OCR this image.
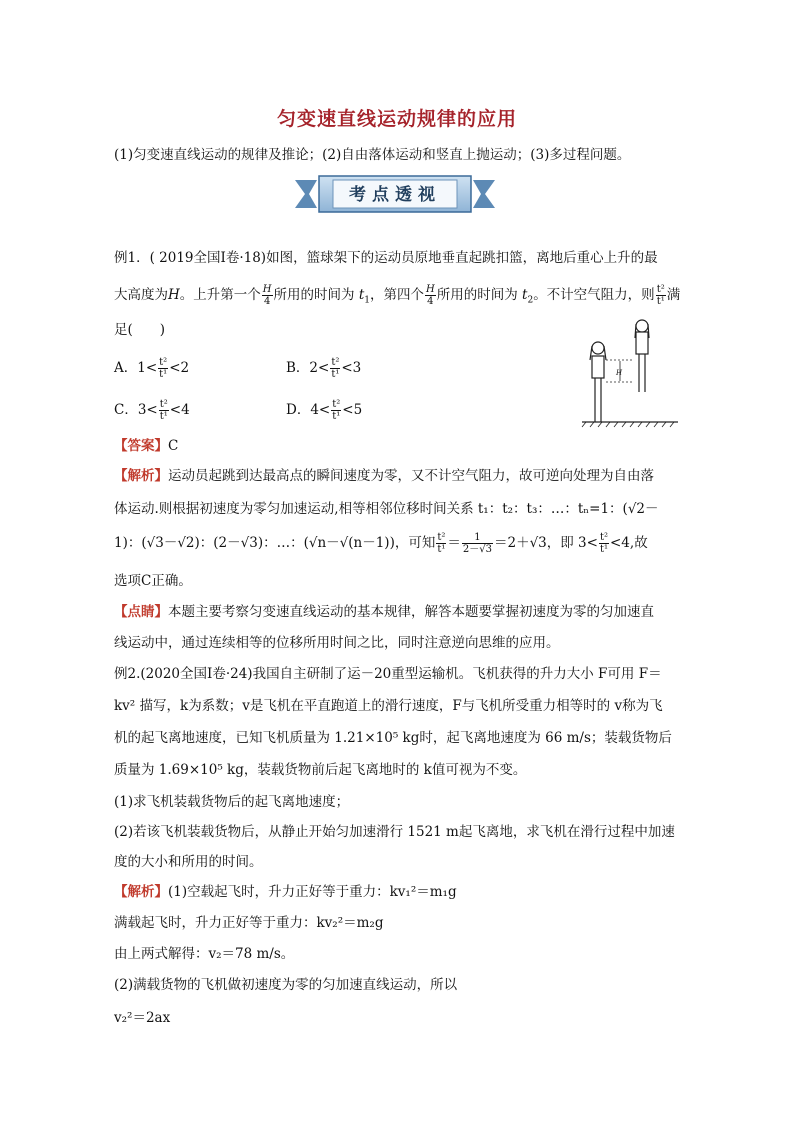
匀变速直线运动规律的应用
(1)匀变速直线运动的规律及推论；(2)自由落体运动和竖直上抛运动；(3)多过程问题。
考点透视
例1．( 2019全国Ⅰ卷·18)如图，篮球架下的运动员原地垂直起跳扣篮，离地后重心上升的最
大高度为H。上升第一个 $\frac{H}{4}$ 所用的时间为 $t_1$，第四个 $\frac{H}{4}$ 所用的时间为 $t_2$。不计空气阻力，则 $\frac{\text{t²}}{\text{t¹}}$ 满
足(　　)
A．$1< \frac{\text{t²}}{\text{t¹}} <2$	B．$2< \frac{\text{t²}}{\text{t¹}} <3$
C．$3< \frac{\text{t²}}{\text{t¹}} <4$	D．$4< \frac{\text{t²}}{\text{t¹}} <5$
H
【答案】C
【解析】运动员起跳到达最高点的瞬间速度为零，又不计空气阻力，故可逆向处理为自由落
体运动.则根据初速度为零匀加速运动,相等相邻位移时间关系 t₁：t₂：t₃：…：tₙ=1：(√2－
1)：(√3－√2)：(2－√3)：…：(√n－√(n－1))，可知 $\frac{\text{t²}}{\text{t¹}} = \frac{1}{2-√3} =2+√3$，即 $3< \frac{\text{t²}}{\text{t¹}} <4$,故
选项C正确。
【点睛】本题主要考察匀变速直线运动的基本规律，解答本题要掌握初速度为零的匀加速直
线运动中，通过连续相等的位移所用时间之比，同时注意逆向思维的应用。
例2.(2020全国Ⅰ卷·24)我国自主研制了运－20重型运输机。飞机获得的升力大小 F可用 F＝
kv² 描写，k为系数；v是飞机在平直跑道上的滑行速度，F与飞机所受重力相等时的 v称为飞
机的起飞离地速度，已知飞机质量为 1.21×10⁵ kg时，起飞离地速度为 66 m/s；装载货物后
质量为 1.69×10⁵ kg，装载货物前后起飞离地时的 k值可视为不变。
(1)求飞机装载货物后的起飞离地速度；
(2)若该飞机装载货物后，从静止开始匀加速滑行 1521 m起飞离地，求飞机在滑行过程中加速
度的大小和所用的时间。
【解析】(1)空载起飞时，升力正好等于重力：kv₁²＝m₁g
满载起飞时，升力正好等于重力：kv₂²＝m₂g
由上两式解得：v₂＝78 m/s。
(2)满载货物的飞机做初速度为零的匀加速直线运动，所以
v₂²＝2ax
